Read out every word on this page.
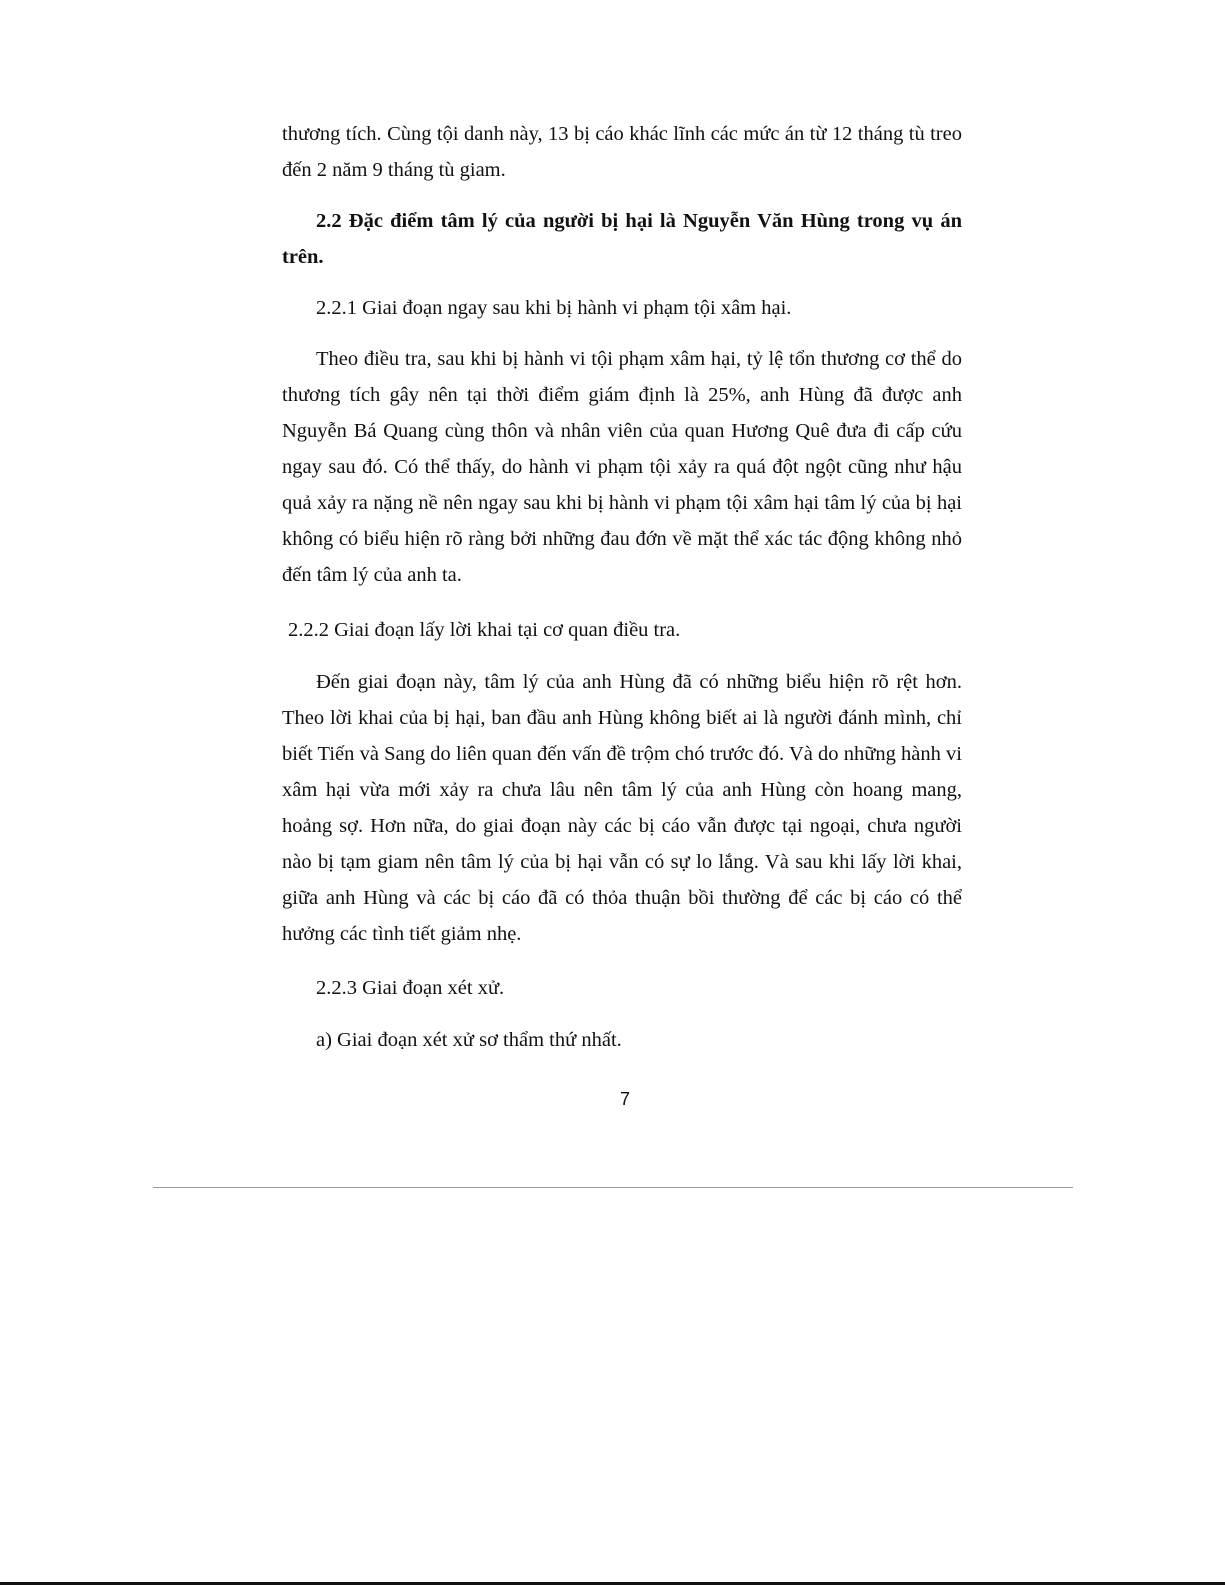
thương tích. Cùng tội danh này, 13 bị cáo khác lĩnh các mức án từ 12 tháng tù treo đến 2 năm 9 tháng tù giam.

2.2 Đặc điểm tâm lý của người bị hại là Nguyễn Văn Hùng trong vụ án trên.

2.2.1 Giai đoạn ngay sau khi bị hành vi phạm tội xâm hại.

Theo điều tra, sau khi bị hành vi tội phạm xâm hại, tỷ lệ tổn thương cơ thể do thương tích gây nên tại thời điểm giám định là 25%, anh Hùng đã được anh Nguyễn Bá Quang cùng thôn và nhân viên của quan Hương Quê đưa đi cấp cứu ngay sau đó. Có thể thấy, do hành vi phạm tội xảy ra quá đột ngột cũng như hậu quả xảy ra nặng nề nên ngay sau khi bị hành vi phạm tội xâm hại tâm lý của bị hại không có biểu hiện rõ ràng bởi những đau đớn về mặt thể xác tác động không nhỏ đến tâm lý của anh ta.

2.2.2 Giai đoạn lấy lời khai tại cơ quan điều tra.

Đến giai đoạn này, tâm lý của anh Hùng đã có những biểu hiện rõ rệt hơn. Theo lời khai của bị hại, ban đầu anh Hùng không biết ai là người đánh mình, chỉ biết Tiến và Sang do liên quan đến vấn đề trộm chó trước đó. Và do những hành vi xâm hại vừa mới xảy ra chưa lâu nên tâm lý của anh Hùng còn hoang mang, hoảng sợ. Hơn nữa, do giai đoạn này các bị cáo vẫn được tại ngoại, chưa người nào bị tạm giam nên tâm lý của bị hại vẫn có sự lo lắng. Và sau khi lấy lời khai, giữa anh Hùng và các bị cáo đã có thỏa thuận bồi thường để các bị cáo có thể hưởng các tình tiết giảm nhẹ.

2.2.3 Giai đoạn xét xử.

a) Giai đoạn xét xử sơ thẩm thứ nhất.

7
